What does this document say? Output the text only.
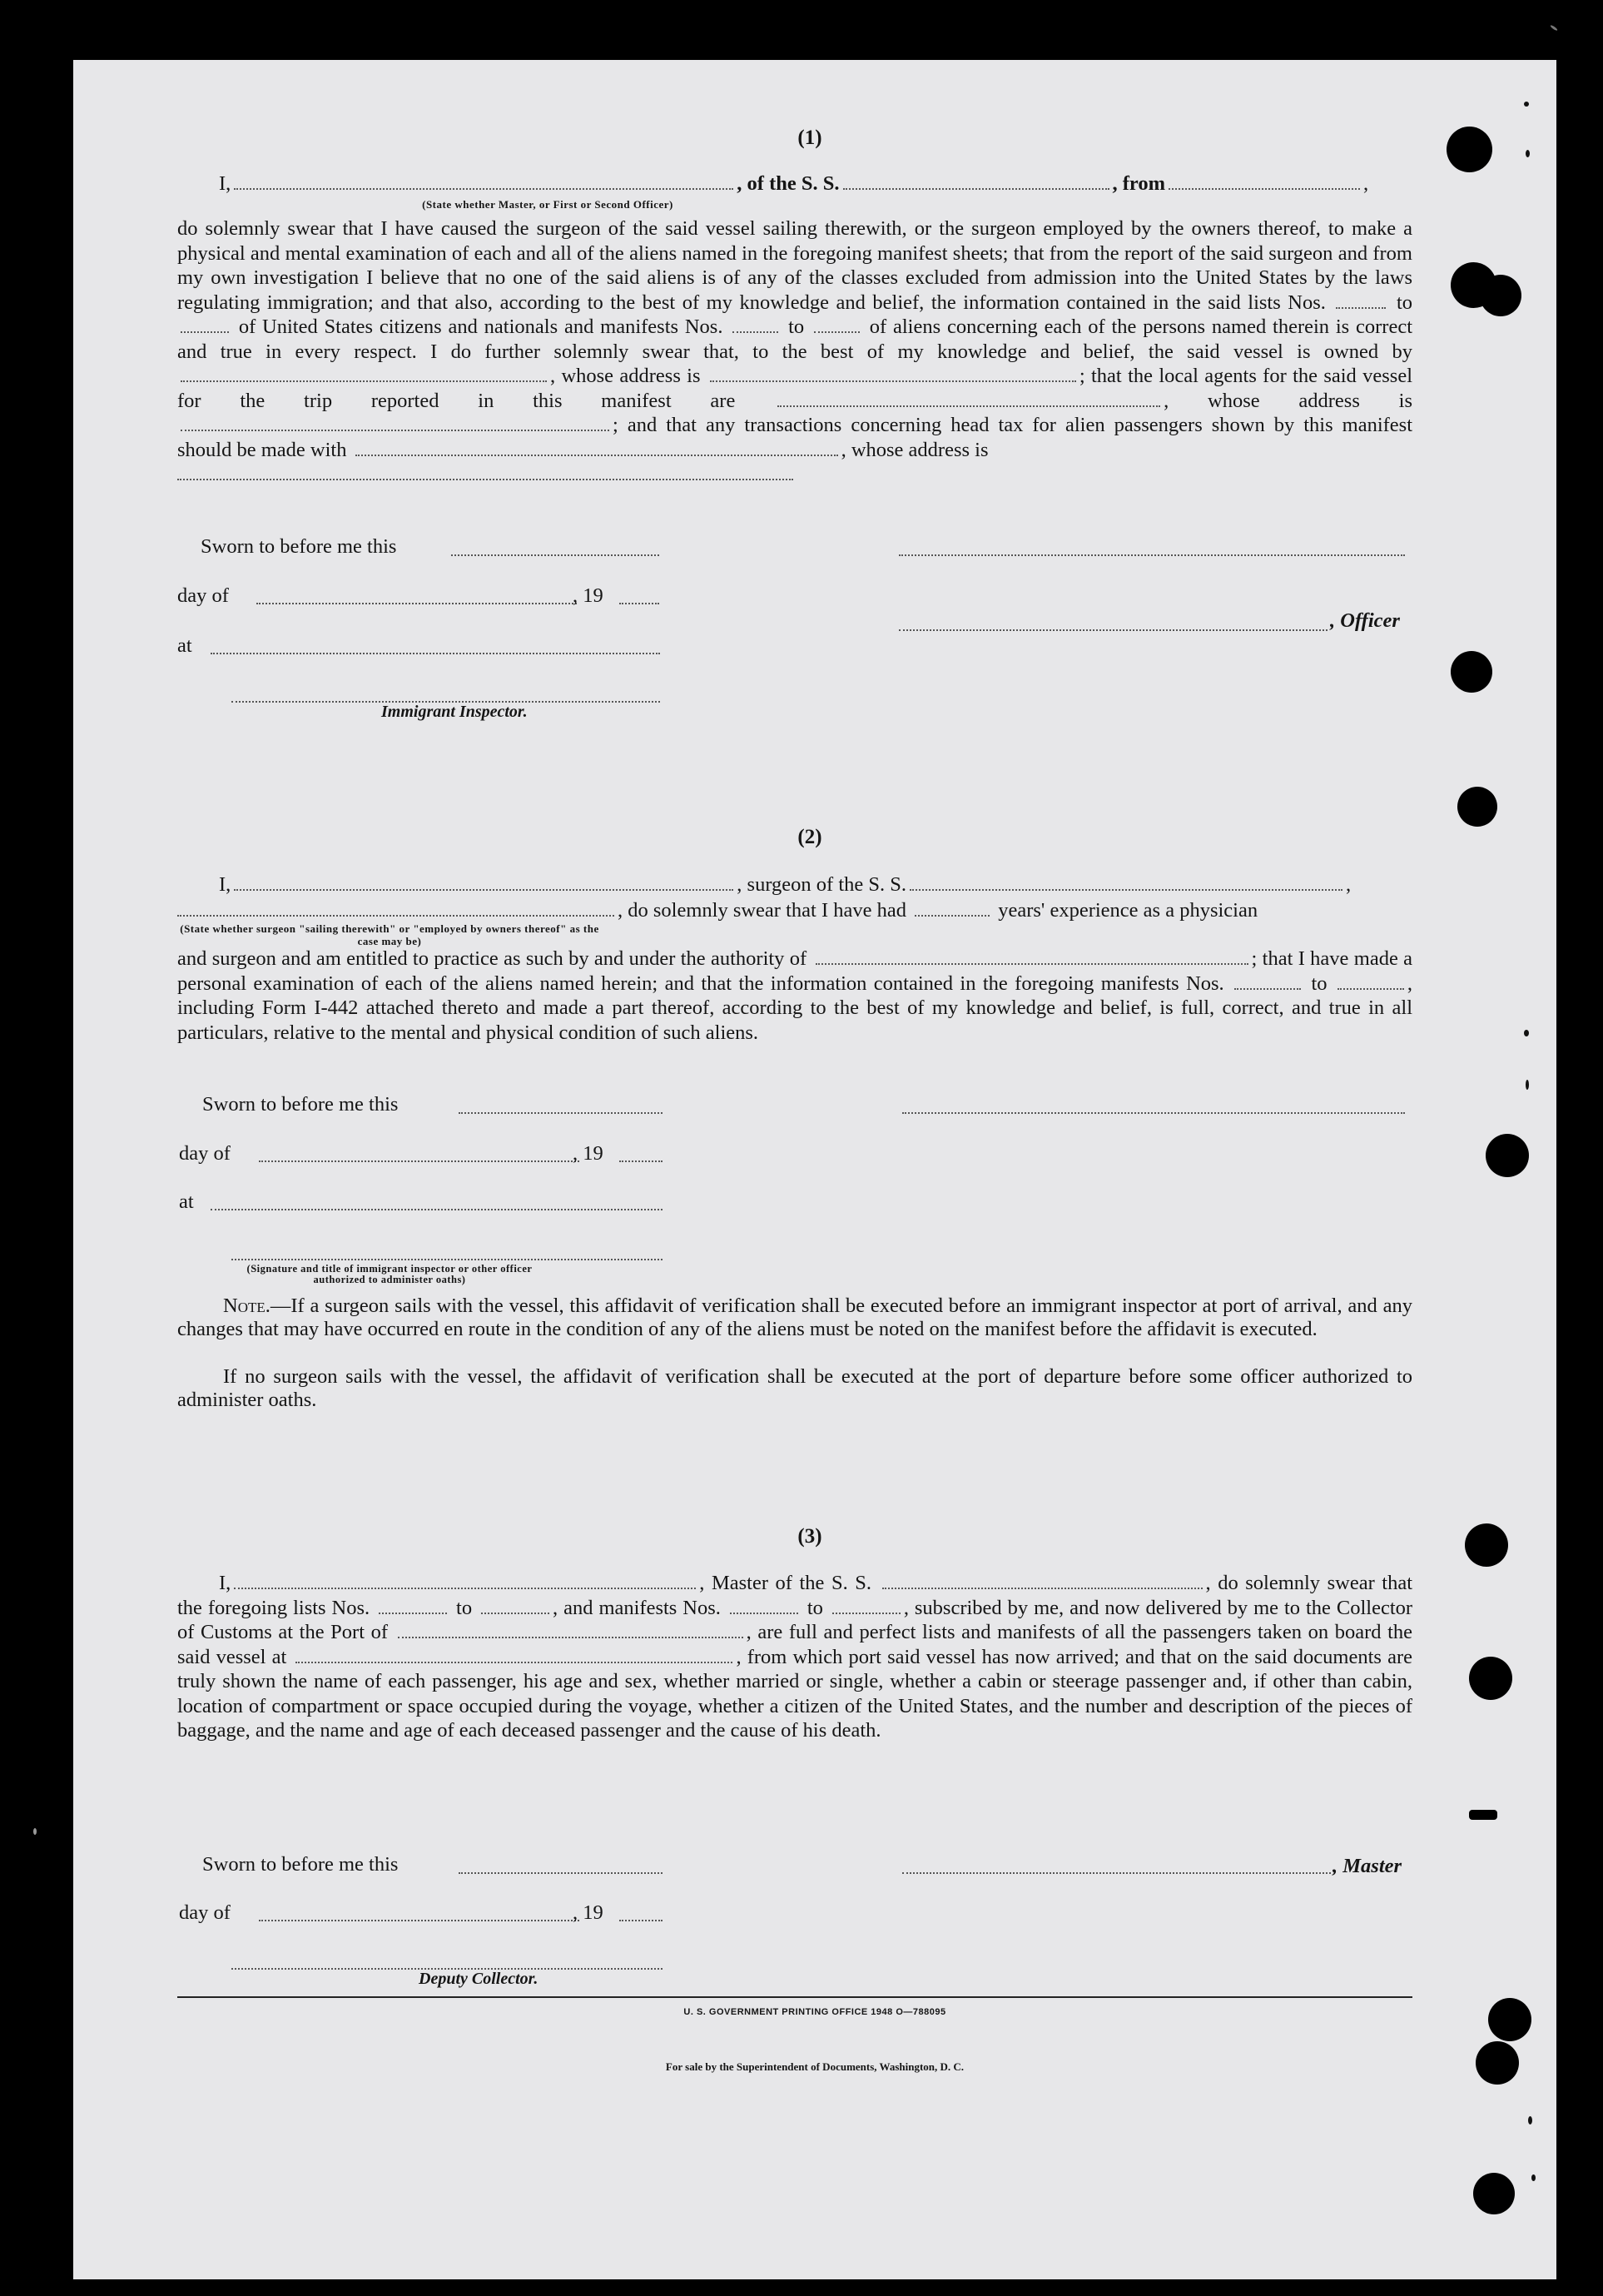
(1)
I,	, of the S. S.	, from	,
(State whether Master, or First or Second Officer)
do solemnly swear that I have caused the surgeon of the said vessel sailing therewith, or the surgeon employed by the owners thereof, to make a physical and mental examination of each and all of the aliens named in the foregoing manifest sheets; that from the report of the said surgeon and from my own investigation I believe that no one of the said aliens is of any of the classes excluded from admission into the United States by the laws regulating immigration; and that also, according to the best of my knowledge and belief, the information contained in the said lists Nos.	to  of United States citizens and nationals and manifests Nos.	to	of aliens concerning each of the persons named therein is correct and true in every respect. I do further solemnly swear that, to the best of my knowledge and belief, the said vessel is owned by , whose address is	; that the local agents for the said vessel for the trip reported in this manifest are	, whose address is ; and that any transactions concerning head tax for alien passengers shown by this manifest should be made with	, whose address is

Sworn to before me this
day of	, 19
, Officer
at
Immigrant Inspector.
(2)
I,	, surgeon of the S. S.	,
, do solemnly swear that I have had	years' experience as a physician
(State whether surgeon "sailing therewith" or "employed by owners thereof" as the case may be)
and surgeon and am entitled to practice as such by and under the authority of	; that I have made a personal examination of each of the aliens named herein; and that the information contained in the foregoing manifests Nos.	to	, including Form I-442 attached thereto and made a part thereof, according to the best of my knowledge and belief, is full, correct, and true in all particulars, relative to the mental and physical condition of such aliens.
Sworn to before me this
day of	, 19
at
(Signature and title of immigrant inspector or other officer authorized to administer oaths)
Note.—If a surgeon sails with the vessel, this affidavit of verification shall be executed before an immigrant inspector at port of arrival, and any changes that may have occurred en route in the condition of any of the aliens must be noted on the manifest before the affidavit is executed.
If no surgeon sails with the vessel, the affidavit of verification shall be executed at the port of departure before some officer authorized to administer oaths.
(3)
I,	, Master of the S. S.	, do solemnly swear that the foregoing lists Nos.	to	, and manifests Nos.	to	, subscribed by me, and now delivered by me to the Collector of Customs at the Port of	, are full and perfect lists and manifests of all the passengers taken on board the said vessel at	, from which port said vessel has now arrived; and that on the said documents are truly shown the name of each passenger, his age and sex, whether married or single, whether a cabin or steerage passenger and, if other than cabin, location of compartment or space occupied during the voyage, whether a citizen of the United States, and the number and description of the pieces of baggage, and the name and age of each deceased passenger and the cause of his death.
Sworn to before me this	, Master
day of	, 19
Deputy Collector.
U. S. GOVERNMENT PRINTING OFFICE 1948 O—788095
For sale by the Superintendent of Documents, Washington, D. C.
